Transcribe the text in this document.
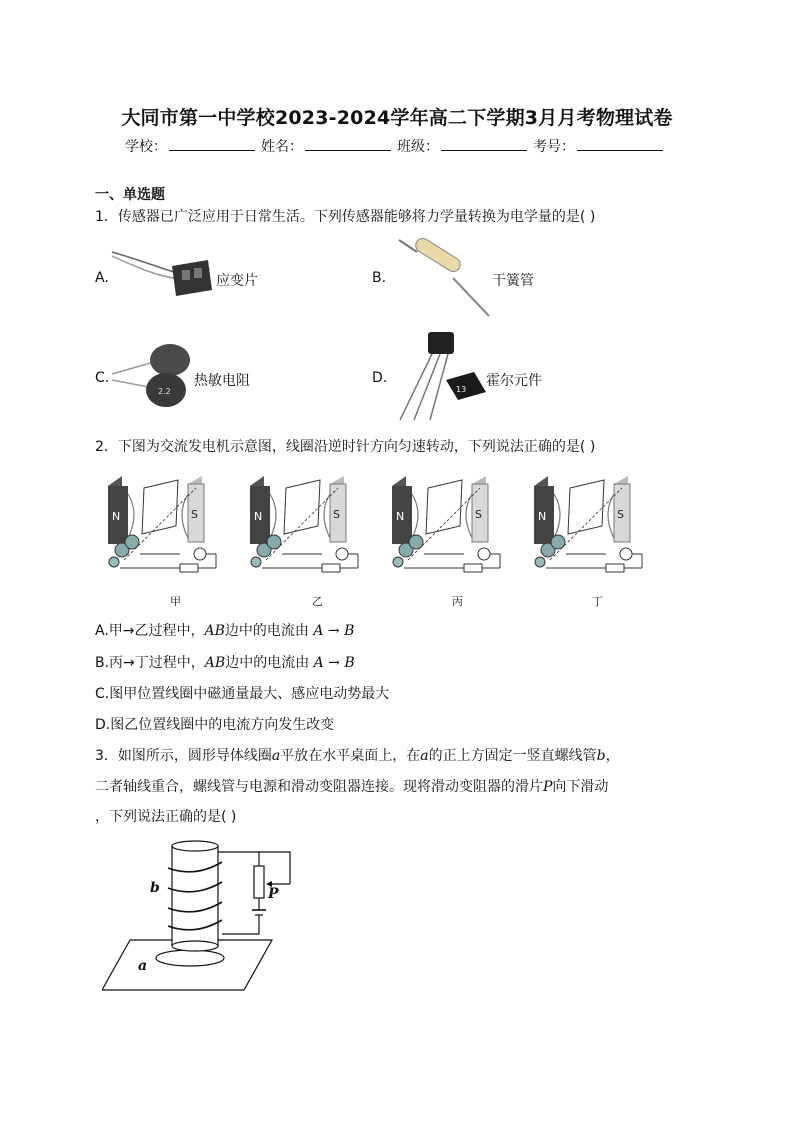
大同市第一中学校2023-2024学年高二下学期3月月考物理试卷
学校：	姓名：	班级：	考号：
一、单选题
1．传感器已广泛应用于日常生活。下列传感器能够将力学量转换为电学量的是( )
A.	应变片	B.	干簧管
C.
2.2
热敏电阻	D.
13
霍尔元件
2．下图为交流发电机示意图，线圈沿逆时针方向匀速转动，下列说法正确的是( )
甲	乙	丙	丁
A.甲→乙过程中，AB边中的电流由 A → B
B.丙→丁过程中，AB边中的电流由 A → B
C.图甲位置线圈中磁通量最大、感应电动势最大
D.图乙位置线圈中的电流方向发生改变
3．如图所示，圆形导体线圈a平放在水平桌面上，在a的正上方固定一竖直螺线管b，
二者轴线重合，螺线管与电源和滑动变阻器连接。现将滑动变阻器的滑片P向下滑动
，下列说法正确的是( )
b	P
a
